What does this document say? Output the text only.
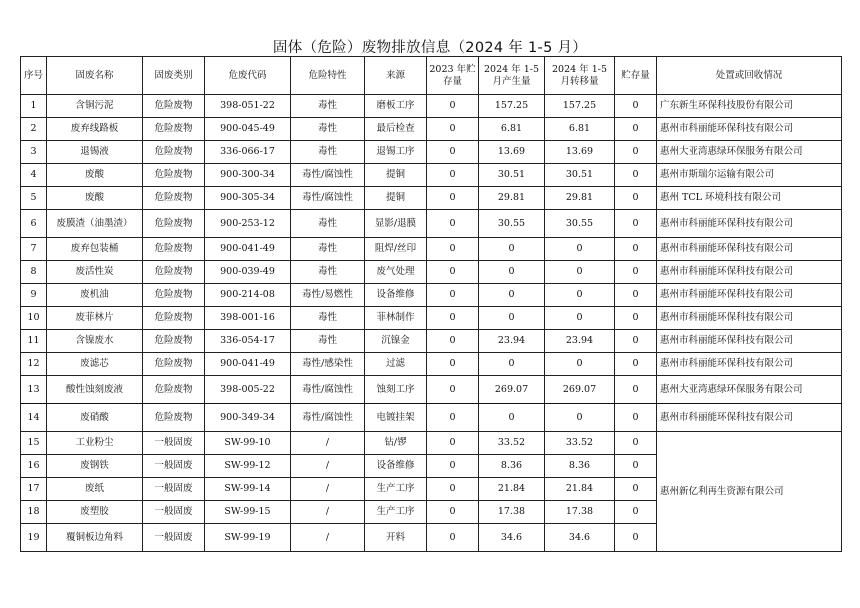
固体（危险）废物排放信息（2024 年 1-5 月）
序号	固废名称	固废类别	危废代码	危险特性	来源	2023 年贮存量	2024 年 1-5 月产生量	2024 年 1-5 月转移量	贮存量	处置或回收情况
1	含铜污泥	危险废物	398-051-22	毒性	磨板工序	0	157.25	157.25	0	广东新生环保科技股份有限公司
2	废弃线路板	危险废物	900-045-49	毒性	最后检查	0	6.81	6.81	0	惠州市科丽能环保科技有限公司
3	退锡液	危险废物	336-066-17	毒性	退锡工序	0	13.69	13.69	0	惠州大亚湾惠绿环保服务有限公司
4	废酸	危险废物	900-300-34	毒性/腐蚀性	提铜	0	30.51	30.51	0	惠州市斯瑞尔运输有限公司
5	废酸	危险废物	900-305-34	毒性/腐蚀性	提铜	0	29.81	29.81	0	惠州 TCL 环境科技有限公司
6	废膜渣（油墨渣）	危险废物	900-253-12	毒性	显影/退膜	0	30.55	30.55	0	惠州市科丽能环保科技有限公司
7	废弃包装桶	危险废物	900-041-49	毒性	阻焊/丝印	0	0	0	0	惠州市科丽能环保科技有限公司
8	废活性炭	危险废物	900-039-49	毒性	废气处理	0	0	0	0	惠州市科丽能环保科技有限公司
9	废机油	危险废物	900-214-08	毒性/易燃性	设备维修	0	0	0	0	惠州市科丽能环保科技有限公司
10	废菲林片	危险废物	398-001-16	毒性	菲林制作	0	0	0	0	惠州市科丽能环保科技有限公司
11	含镍废水	危险废物	336-054-17	毒性	沉镍金	0	23.94	23.94	0	惠州市科丽能环保科技有限公司
12	废滤芯	危险废物	900-041-49	毒性/感染性	过滤	0	0	0	0	惠州市科丽能环保科技有限公司
13	酸性蚀刻废液	危险废物	398-005-22	毒性/腐蚀性	蚀刻工序	0	269.07	269.07	0	惠州大亚湾惠绿环保服务有限公司
14	废硝酸	危险废物	900-349-34	毒性/腐蚀性	电镀挂架	0	0	0	0	惠州市科丽能环保科技有限公司
15	工业粉尘	一般固废	SW-99-10	/	钻/锣	0	33.52	33.52	0	惠州新亿利再生资源有限公司
16	废钢铁	一般固废	SW-99-12	/	设备维修	0	8.36	8.36	0	
17	废纸	一般固废	SW-99-14	/	生产工序	0	21.84	21.84	0	
18	废塑胶	一般固废	SW-99-15	/	生产工序	0	17.38	17.38	0	
19	覆铜板边角料	一般固废	SW-99-19	/	开料	0	34.6	34.6	0	
